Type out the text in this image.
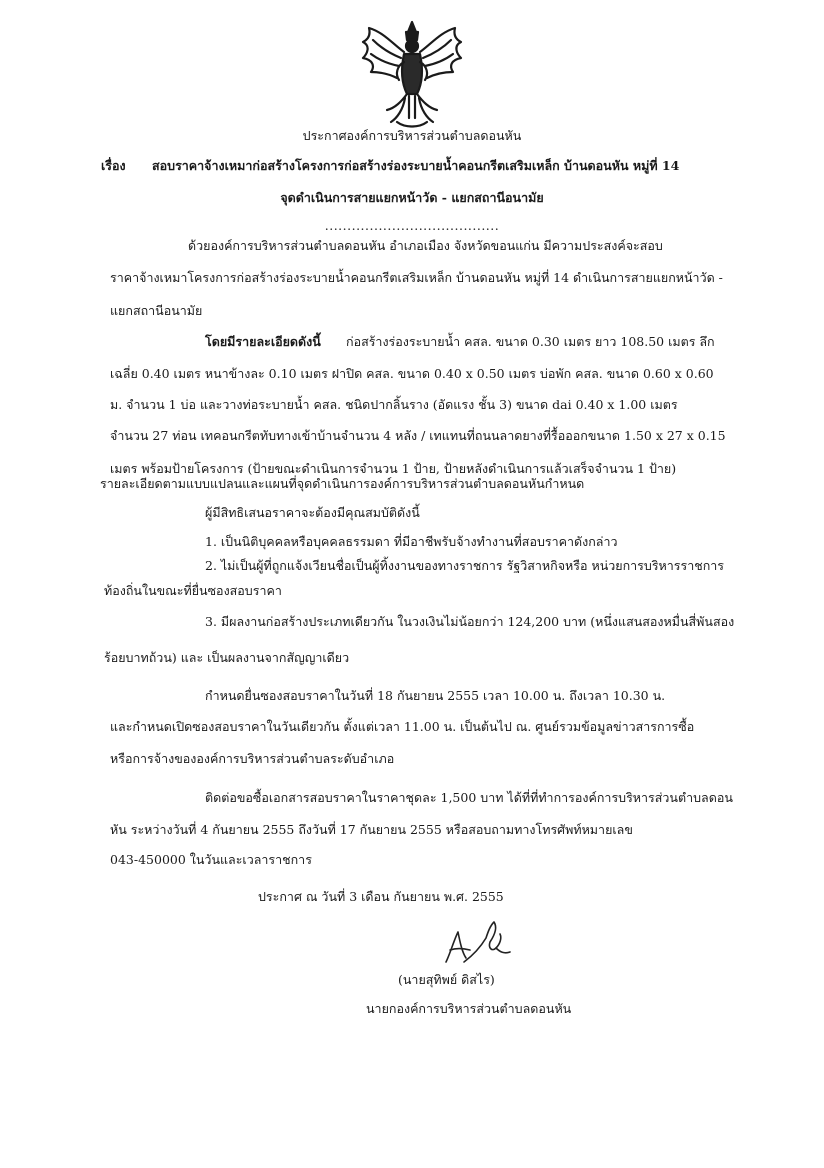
ประกาศองค์การบริหารส่วนตำบลดอนหัน
เรื่อง สอบราคาจ้างเหมาก่อสร้างโครงการก่อสร้างร่องระบายน้ำคอนกรีตเสริมเหล็ก บ้านดอนหัน หมู่ที่ 14
จุดดำเนินการสายแยกหน้าวัด - แยกสถานีอนามัย
.......................................
ด้วยองค์การบริหารส่วนตำบลดอนหัน อำเภอเมือง จังหวัดขอนแก่น มีความประสงค์จะสอบ
ราคาจ้างเหมาโครงการก่อสร้างร่องระบายน้ำคอนกรีตเสริมเหล็ก บ้านดอนหัน หมู่ที่ 14 ดำเนินการสายแยกหน้าวัด -
แยกสถานีอนามัย
โดยมีรายละเอียดดังนี้ ก่อสร้างร่องระบายน้ำ คสล. ขนาด 0.30 เมตร ยาว 108.50 เมตร ลึก
เฉลี่ย 0.40 เมตร หนาข้างละ 0.10 เมตร ฝาปิด คสล. ขนาด 0.40 x 0.50 เมตร บ่อพัก คสล. ขนาด 0.60 x 0.60
ม. จำนวน 1 บ่อ และวางท่อระบายน้ำ คสล. ชนิดปากลิ้นราง (อัดแรง ชั้น 3) ขนาด dai 0.40 x 1.00 เมตร
จำนวน 27 ท่อน เทคอนกรีตทับทางเข้าบ้านจำนวน 4 หลัง / เทแทนที่ถนนลาดยางที่รื้อออกขนาด 1.50 x 27 x 0.15
เมตร พร้อมป้ายโครงการ (ป้ายขณะดำเนินการจำนวน 1 ป้าย, ป้ายหลังดำเนินการแล้วเสร็จจำนวน 1 ป้าย)
รายละเอียดตามแบบแปลนและแผนที่จุดดำเนินการองค์การบริหารส่วนตำบลดอนหันกำหนด
ผู้มีสิทธิเสนอราคาจะต้องมีคุณสมบัติดังนี้
1. เป็นนิติบุคคลหรือบุคคลธรรมดา ที่มีอาชีพรับจ้างทำงานที่สอบราคาดังกล่าว
2. ไม่เป็นผู้ที่ถูกแจ้งเวียนชื่อเป็นผู้ทิ้งงานของทางราชการ รัฐวิสาหกิจหรือ หน่วยการบริหารราชการ
ท้องถิ่นในขณะที่ยื่นซองสอบราคา
3. มีผลงานก่อสร้างประเภทเดียวกัน ในวงเงินไม่น้อยกว่า 124,200 บาท (หนึ่งแสนสองหมื่นสี่พันสอง
ร้อยบาทถ้วน) และ เป็นผลงานจากสัญญาเดียว
กำหนดยื่นซองสอบราคาในวันที่ 18 กันยายน 2555 เวลา 10.00 น. ถึงเวลา 10.30 น.
และกำหนดเปิดซองสอบราคาในวันเดียวกัน ตั้งแต่เวลา 11.00 น. เป็นต้นไป ณ. ศูนย์รวมข้อมูลข่าวสารการซื้อ
หรือการจ้างขององค์การบริหารส่วนตำบลระดับอำเภอ
ติดต่อขอซื้อเอกสารสอบราคาในราคาชุดละ 1,500 บาท ได้ที่ที่ทำการองค์การบริหารส่วนตำบลดอน
หัน ระหว่างวันที่ 4 กันยายน 2555 ถึงวันที่ 17 กันยายน 2555 หรือสอบถามทางโทรศัพท์หมายเลข
043-450000 ในวันและเวลาราชการ
ประกาศ ณ วันที่ 3 เดือน กันยายน พ.ศ. 2555
(นายสุทิพย์ ดิสไร)
นายกองค์การบริหารส่วนตำบลดอนหัน
